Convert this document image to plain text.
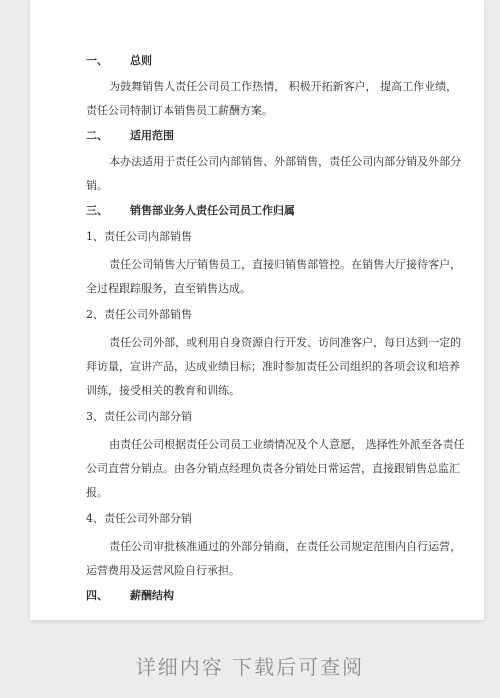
一、 总则
为鼓舞销售人责任公司员工作热情， 积极开拓新客户， 提高工作业绩，责任公司特制订本销售员工薪酬方案。
二、 适用范围
本办法适用于责任公司内部销售、外部销售，责任公司内部分销及外部分销。
三、 销售部业务人责任公司员工作归属
1、责任公司内部销售
责任公司销售大厅销售员工，直接归销售部管控。在销售大厅接待客户，全过程跟踪服务，直至销售达成。
2、责任公司外部销售
责任公司外部，或利用自身资源自行开发、访问准客户，每日达到一定的拜访量，宣讲产品，达成业绩目标；准时参加责任公司组织的各项会议和培养训练，接受相关的教育和训练。
3、责任公司内部分销
由责任公司根据责任公司员工业绩情况及个人意愿， 选择性外派至各责任公司直营分销点。由各分销点经理负责各分销处日常运营，直接跟销售总监汇报。
4、责任公司外部分销
责任公司审批核准通过的外部分销商，在责任公司规定范围内自行运营，运营费用及运营风险自行承担。
四、 薪酬结构
详细内容 下载后可查阅
